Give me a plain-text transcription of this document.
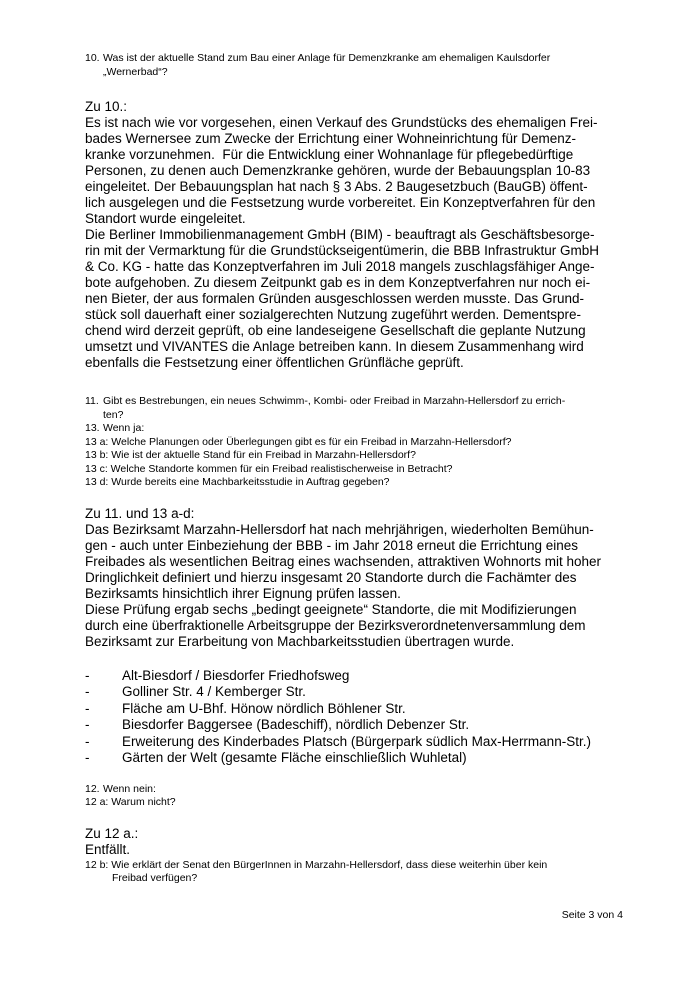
10. Was ist der aktuelle Stand zum Bau einer Anlage für Demenzkranke am ehemaligen Kaulsdorfer
„Wernerbad“?
Zu 10.:
Es ist nach wie vor vorgesehen, einen Verkauf des Grundstücks des ehemaligen Frei-
bades Wernersee zum Zwecke der Errichtung einer Wohneinrichtung für Demenz-
kranke vorzunehmen.  Für die Entwicklung einer Wohnanlage für pflegebedürftige
Personen, zu denen auch Demenzkranke gehören, wurde der Bebauungsplan 10-83
eingeleitet. Der Bebauungsplan hat nach § 3 Abs. 2 Baugesetzbuch (BauGB) öffent-
lich ausgelegen und die Festsetzung wurde vorbereitet. Ein Konzeptverfahren für den
Standort wurde eingeleitet.
Die Berliner Immobilienmanagement GmbH (BIM) - beauftragt als Geschäftsbesorge-
rin mit der Vermarktung für die Grundstückseigentümerin, die BBB Infrastruktur GmbH
& Co. KG - hatte das Konzeptverfahren im Juli 2018 mangels zuschlagsfähiger Ange-
bote aufgehoben. Zu diesem Zeitpunkt gab es in dem Konzeptverfahren nur noch ei-
nen Bieter, der aus formalen Gründen ausgeschlossen werden musste. Das Grund-
stück soll dauerhaft einer sozialgerechten Nutzung zugeführt werden. Dementspre-
chend wird derzeit geprüft, ob eine landeseigene Gesellschaft die geplante Nutzung
umsetzt und VIVANTES die Anlage betreiben kann. In diesem Zusammenhang wird
ebenfalls die Festsetzung einer öffentlichen Grünfläche geprüft.
11. Gibt es Bestrebungen, ein neues Schwimm-, Kombi- oder Freibad in Marzahn-Hellersdorf zu errich-
ten?
13. Wenn ja:
13 a: Welche Planungen oder Überlegungen gibt es für ein Freibad in Marzahn-Hellersdorf?
13 b: Wie ist der aktuelle Stand für ein Freibad in Marzahn-Hellersdorf?
13 c: Welche Standorte kommen für ein Freibad realistischerweise in Betracht?
13 d: Wurde bereits eine Machbarkeitsstudie in Auftrag gegeben?
Zu 11. und 13 a-d:
Das Bezirksamt Marzahn-Hellersdorf hat nach mehrjährigen, wiederholten Bemühun-
gen - auch unter Einbeziehung der BBB - im Jahr 2018 erneut die Errichtung eines
Freibades als wesentlichen Beitrag eines wachsenden, attraktiven Wohnorts mit hoher
Dringlichkeit definiert und hierzu insgesamt 20 Standorte durch die Fachämter des
Bezirksamts hinsichtlich ihrer Eignung prüfen lassen.
Diese Prüfung ergab sechs „bedingt geeignete“ Standorte, die mit Modifizierungen
durch eine überfraktionelle Arbeitsgruppe der Bezirksverordnetenversammlung dem
Bezirksamt zur Erarbeitung von Machbarkeitsstudien übertragen wurde.
- Alt-Biesdorf / Biesdorfer Friedhofsweg
- Golliner Str. 4 / Kemberger Str.
- Fläche am U-Bhf. Hönow nördlich Böhlener Str.
- Biesdorfer Baggersee (Badeschiff), nördlich Debenzer Str.
- Erweiterung des Kinderbades Platsch (Bürgerpark südlich Max-Herrmann-Str.)
- Gärten der Welt (gesamte Fläche einschließlich Wuhletal)
12. Wenn nein:
12 a: Warum nicht?
Zu 12 a.:
Entfällt.
12 b: Wie erklärt der Senat den BürgerInnen in Marzahn-Hellersdorf, dass diese weiterhin über kein
Freibad verfügen?
Seite 3 von 4
